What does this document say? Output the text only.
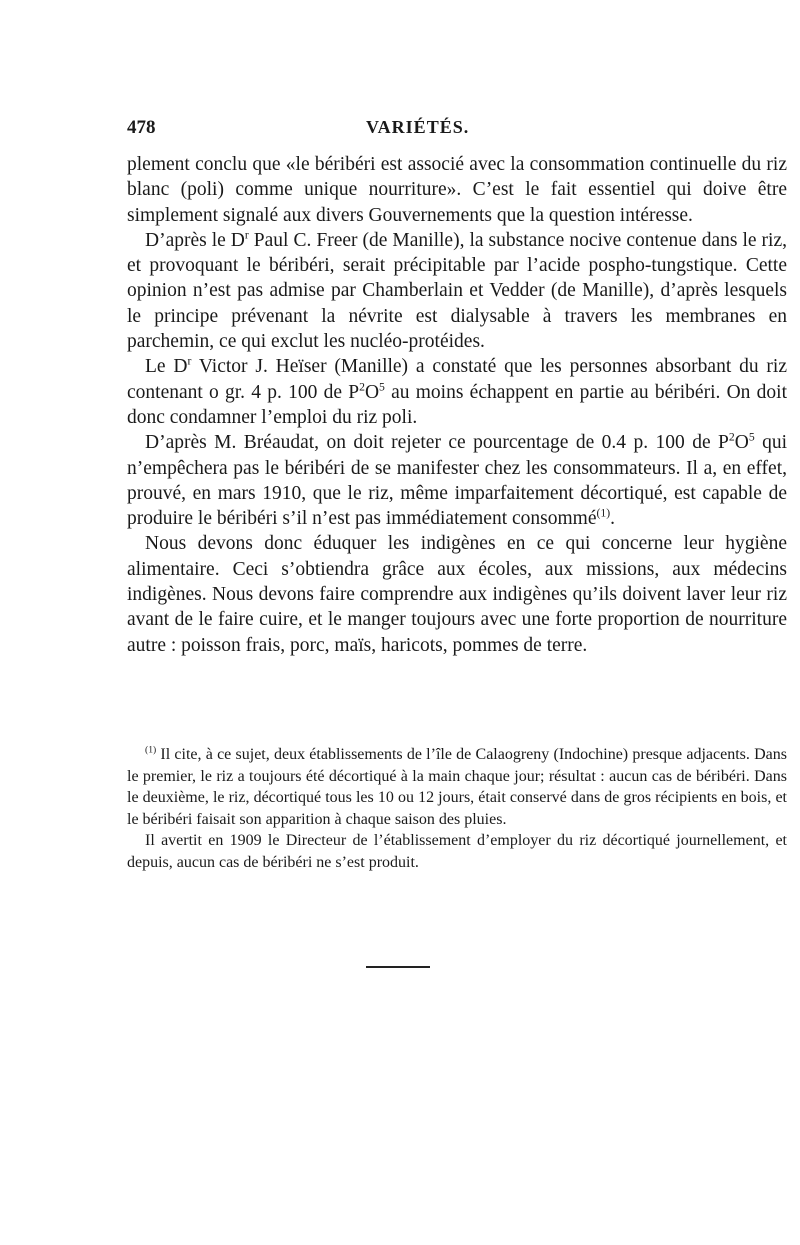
478	VARIÉTÉS.

plement conclu que «le béribéri est associé avec la consommation continuelle du riz blanc (poli) comme unique nourriture». C’est le fait essentiel qui doive être simplement signalé aux divers Gouvernements que la question intéresse.

D’après le $D^r$ Paul C. Freer (de Manille), la substance nocive contenue dans le riz, et provoquant le béribéri, serait précipitable par l’acide pospho-tungstique. Cette opinion n’est pas admise par Chamberlain et Vedder (de Manille), d’après lesquels le principe prévenant la névrite est dialysable à travers les membranes en parchemin, ce qui exclut les nucléo-protéides.

Le $D^r$ Victor J. Heïser (Manille) a constaté que les personnes absorbant du riz contenant o gr. 4 p. 100 de $P^2O^5$ au moins échappent en partie au béribéri. On doit donc condamner l’emploi du riz poli.

D’après M. Bréaudat, on doit rejeter ce pourcentage de 0.4 p. 100 de $P^2O^5$ qui n’empêchera pas le béribéri de se manifester chez les consommateurs. Il a, en effet, prouvé, en mars 1910, que le riz, même imparfaitement décortiqué, est capable de produire le béribéri s’il n’est pas immédiatement consommé$^{(1)}$.

Nous devons donc éduquer les indigènes en ce qui concerne leur hygiène alimentaire. Ceci s’obtiendra grâce aux écoles, aux missions, aux médecins indigènes. Nous devons faire comprendre aux indigènes qu’ils doivent laver leur riz avant de le faire cuire, et le manger toujours avec une forte proportion de nourriture autre : poisson frais, porc, maïs, haricots, pommes de terre.

$^{(1)}$ Il cite, à ce sujet, deux établissements de l’île de Calaogreny (Indochine) presque adjacents. Dans le premier, le riz a toujours été décortiqué à la main chaque jour; résultat : aucun cas de béribéri. Dans le deuxième, le riz, décortiqué tous les 10 ou 12 jours, était conservé dans de gros récipients en bois, et le béribéri faisait son apparition à chaque saison des pluies.

Il avertit en 1909 le Directeur de l’établissement d’employer du riz décortiqué journellement, et depuis, aucun cas de béribéri ne s’est produit.
